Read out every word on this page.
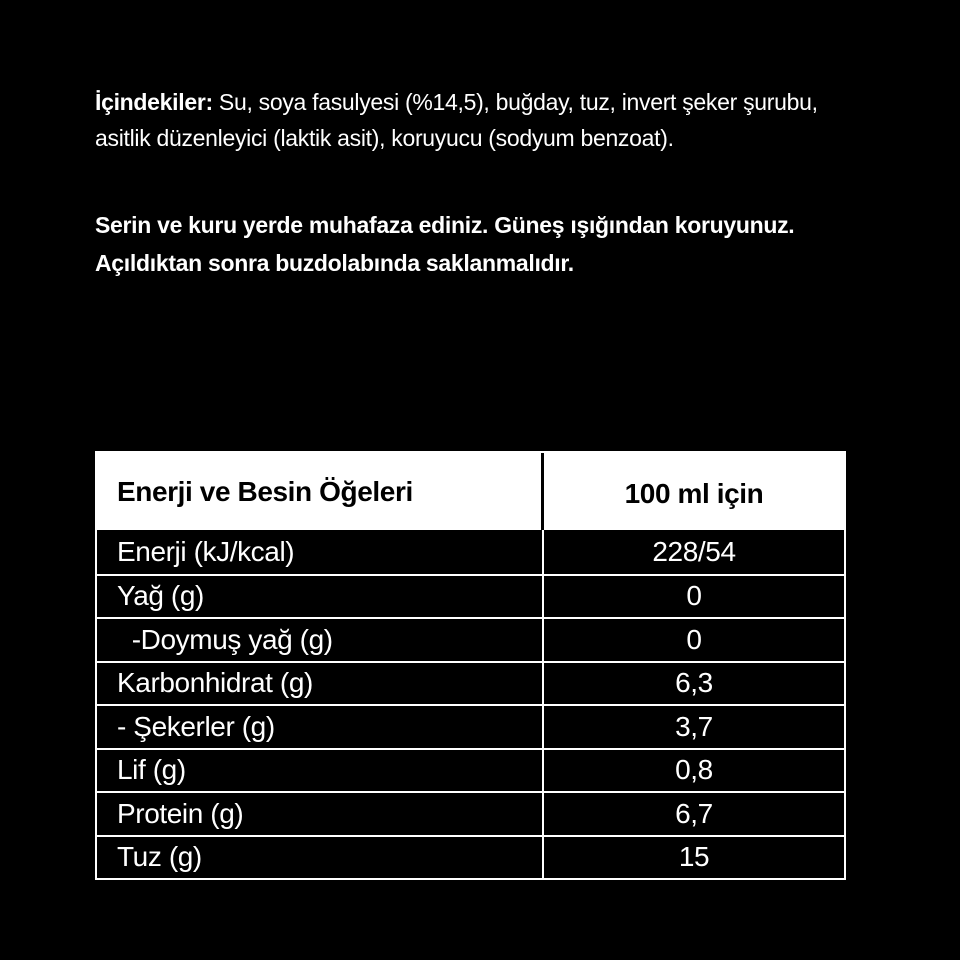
İçindekiler: Su, soya fasulyesi (%14,5), buğday, tuz, invert şeker şurubu, asitlik düzenleyici (laktik asit), koruyucu (sodyum benzoat).
Serin ve kuru yerde muhafaza ediniz. Güneş ışığından koruyunuz.
Açıldıktan sonra buzdolabında saklanmalıdır.
Enerji ve Besin Öğeleri	100 ml için
Enerji (kJ/kcal)	228/54
Yağ (g)	0
-Doymuş yağ (g)	0
Karbonhidrat (g)	6,3
- Şekerler (g)	3,7
Lif (g)	0,8
Protein (g)	6,7
Tuz (g)	15
